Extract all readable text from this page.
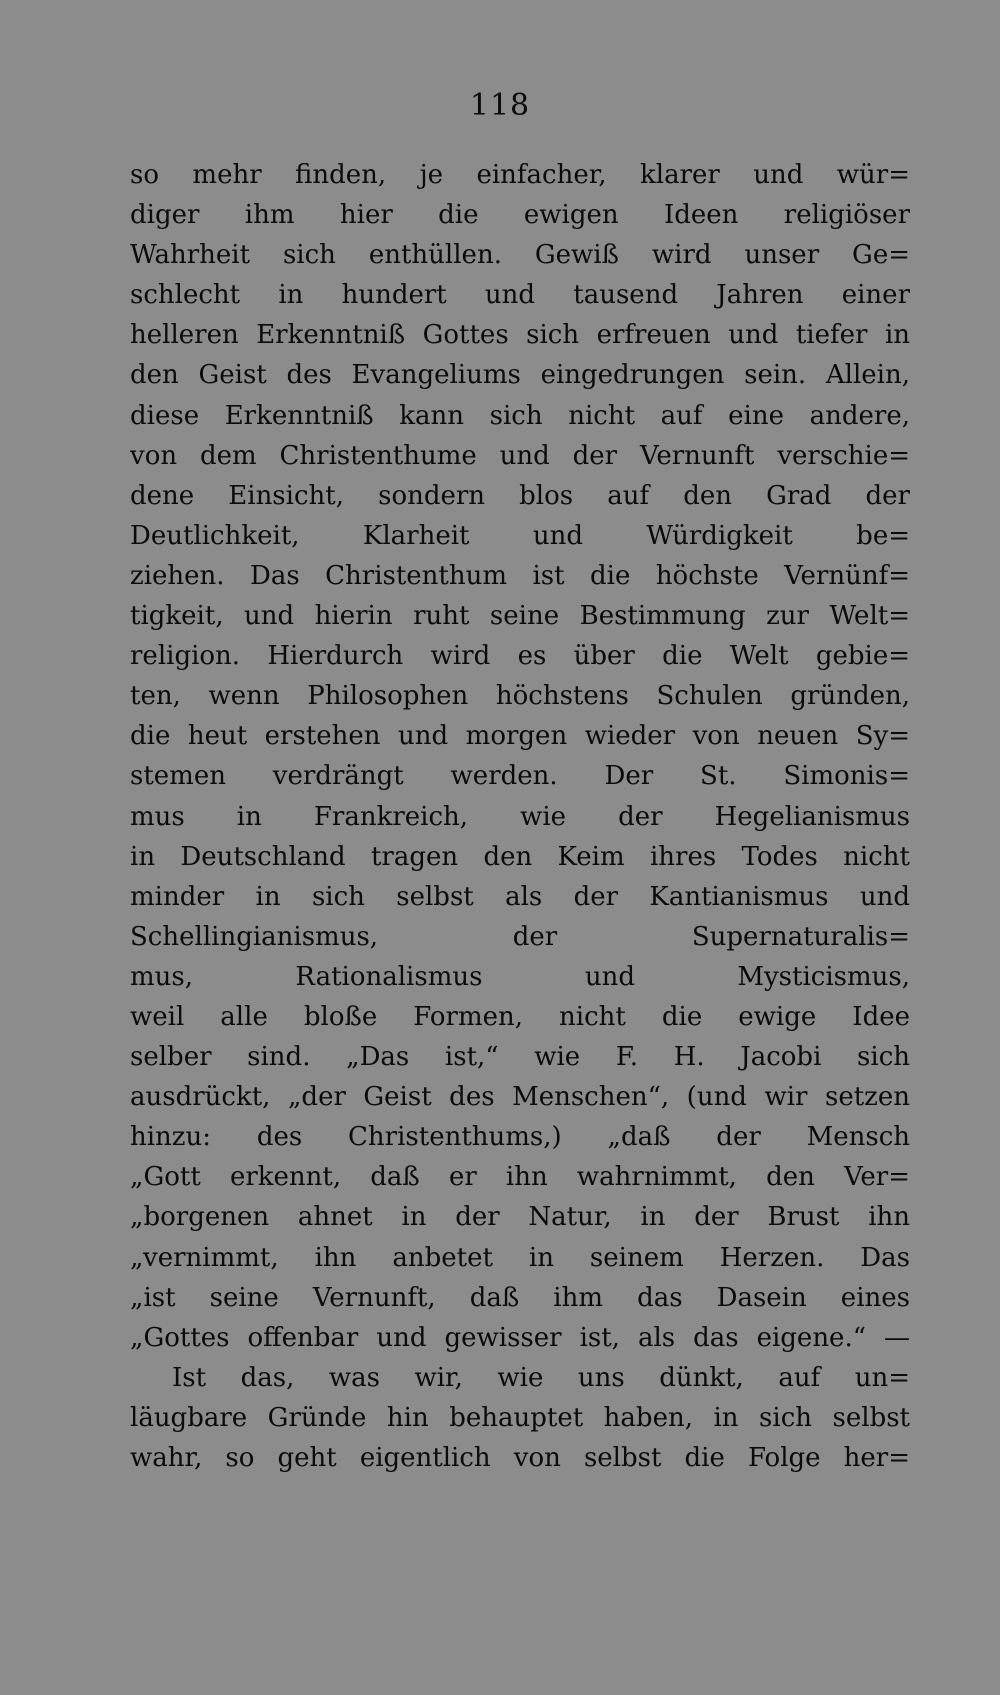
118
so mehr finden, je einfacher, klarer und wür=
diger ihm hier die ewigen Ideen religiöser
Wahrheit sich enthüllen. Gewiß wird unser Ge=
schlecht in hundert und tausend Jahren einer
helleren Erkenntniß Gottes sich erfreuen und tiefer in
den Geist des Evangeliums eingedrungen sein. Allein,
diese Erkenntniß kann sich nicht auf eine andere,
von dem Christenthume und der Vernunft verschie=
dene Einsicht, sondern blos auf den Grad der
Deutlichkeit, Klarheit und Würdigkeit be=
ziehen. Das Christenthum ist die höchste Vernünf=
tigkeit, und hierin ruht seine Bestimmung zur Welt=
religion. Hierdurch wird es über die Welt gebie=
ten, wenn Philosophen höchstens Schulen gründen,
die heut erstehen und morgen wieder von neuen Sy=
stemen verdrängt werden. Der St. Simonis=
mus in Frankreich, wie der Hegelianismus
in Deutschland tragen den Keim ihres Todes nicht
minder in sich selbst als der Kantianismus und
Schellingianismus, der Supernaturalis=
mus, Rationalismus und Mysticismus,
weil alle bloße Formen, nicht die ewige Idee
selber sind. „Das ist,“ wie F. H. Jacobi sich
ausdrückt, „der Geist des Menschen“, (und wir setzen
hinzu: des Christenthums,) „daß der Mensch
„Gott erkennt, daß er ihn wahrnimmt, den Ver=
„borgenen ahnet in der Natur, in der Brust ihn
„vernimmt, ihn anbetet in seinem Herzen. Das
„ist seine Vernunft, daß ihm das Dasein eines
„Gottes offenbar und gewisser ist, als das eigene.“ —
Ist das, was wir, wie uns dünkt, auf un=
läugbare Gründe hin behauptet haben, in sich selbst
wahr, so geht eigentlich von selbst die Folge her=
